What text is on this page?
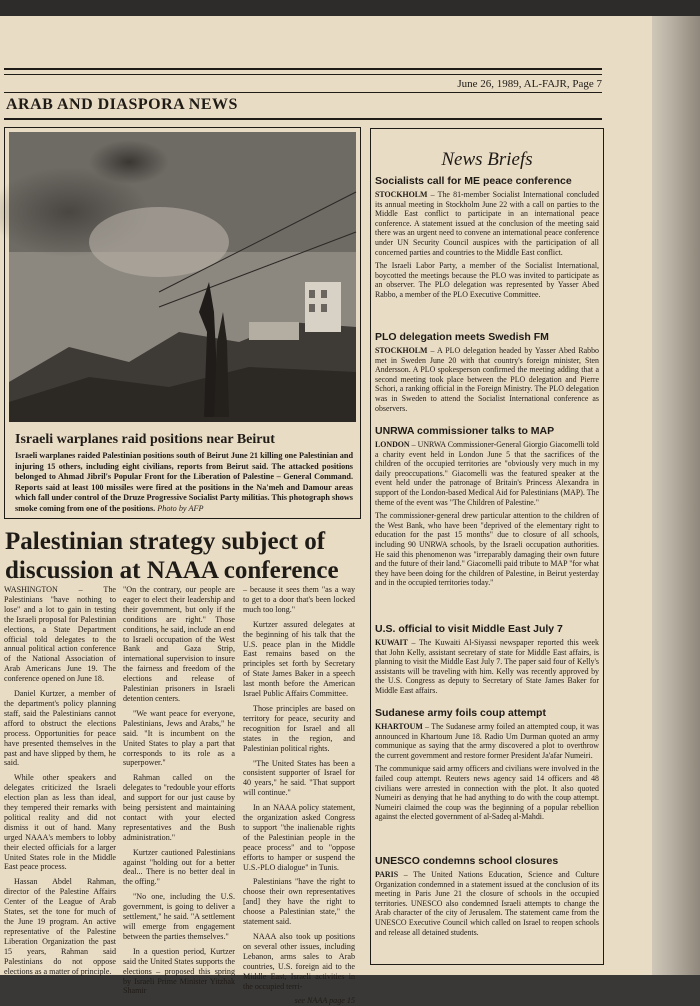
June 26, 1989, AL-FAJR, Page 7
ARAB AND DIASPORA NEWS
Israeli warplanes raid positions near Beirut
Israeli warplanes raided Palestinian positions south of Beirut June 21 killing one Palestinian and injuring 15 others, including eight civilians, reports from Beirut said. The attacked positions belonged to Ahmad Jibril's Popular Front for the Liberation of Palestine – General Command. Reports said at least 100 missiles were fired at the positions in the Na'meh and Damour areas which fall under control of the Druze Progressive Socialist Party militias. This photograph shows smoke coming from one of the positions. Photo by AFP
Palestinian strategy subject of discussion at NAAA conference

WASHINGTON – The Palestinians "have nothing to lose" and a lot to gain in testing the Israeli proposal for Palestinian elections, a State Department official told delegates to the annual political action conference of the National Association of Arab Americans June 19. The conference opened on June 18.

Daniel Kurtzer, a member of the department's policy planning staff, said the Palestinians cannot afford to obstruct the elections process. Opportunities for peace have presented themselves in the past and have slipped by them, he said.

While other speakers and delegates criticized the Israeli election plan as less than ideal, they tempered their remarks with political reality and did not dismiss it out of hand. Many urged NAAA's members to lobby their elected officials for a larger United States role in the Middle East peace process.

Hassan Abdel Rahman, director of the Palestine Affairs Center of the League of Arab States, set the tone for much of the June 19 program. An active representative of the Palestine Liberation Organization the past 15 years, Rahman said Palestinians do not oppose elections as a matter of principle.

"On the contrary, our people are eager to elect their leadership and their government, but only if the conditions are right." Those conditions, he said, include an end to Israeli occupation of the West Bank and Gaza Strip, international supervision to insure the fairness and freedom of the elections and release of Palestinian prisoners in Israeli detention centers.

"We want peace for everyone, Palestinians, Jews and Arabs," he said. "It is incumbent on the United States to play a part that corresponds to its role as a superpower."

Rahman called on the delegates to "redouble your efforts and support for our just cause by being persistent and maintaining contact with your elected representatives and the Bush administration."

Kurtzer cautioned Palestinians against "holding out for a better deal... There is no better deal in the offing."

"No one, including the U.S. government, is going to deliver a settlement," he said. "A settlement will emerge from engagement between the parties themselves."

In a question period, Kurtzer said the United States supports the elections – proposed this spring by Israeli Prime Minister Yitzhak Shamir

– because it sees them "as a way to get to a door that's been locked much too long."

Kurtzer assured delegates at the beginning of his talk that the U.S. peace plan in the Middle East remains based on the principles set forth by Secretary of State James Baker in a speech last month before the American Israel Public Affairs Committee.

Those principles are based on territory for peace, security and recognition for Israel and all states in the region, and Palestinian political rights.

"The United States has been a consistent supporter of Israel for 40 years," he said. "That support will continue."

In an NAAA policy statement, the organization asked Congress to support "the inalienable rights of the Palestinian people in the peace process" and to "oppose efforts to hamper or suspend the U.S.-PLO dialogue" in Tunis.

Palestinians "have the right to choose their own representatives [and] they have the right to choose a Palestinian state," the statement said.

NAAA also took up positions on several other issues, including Lebanon, arms sales to Arab countries, U.S. foreign aid to the Middle East, Israeli activities in the occupied terri-

see NAAA page 15

News Briefs
Socialists call for ME peace conference
STOCKHOLM – The 81-member Socialist International concluded its annual meeting in Stockholm June 22 with a call on parties to the Middle East conflict to participate in an international peace conference. A statement issued at the conclusion of the meeting said there was an urgent need to convene an international peace conference under UN Security Council auspices with the participation of all concerned parties and countries to the Middle East conflict.
The Israeli Labor Party, a member of the Socialist International, boycotted the meetings because the PLO was invited to participate as an observer. The PLO delegation was represented by Yasser Abed Rabbo, a member of the PLO Executive Committee.
PLO delegation meets Swedish FM
STOCKHOLM – A PLO delegation headed by Yasser Abed Rabbo met in Sweden June 20 with that country's foreign minister, Sten Andersson. A PLO spokesperson confirmed the meeting adding that a second meeting took place between the PLO delegation and Pierre Schori, a ranking official in the Foreign Ministry. The PLO delegation was in Sweden to attend the Socialist International conference as observers.
UNRWA commissioner talks to MAP
LONDON – UNRWA Commissioner-General Giorgio Giacomelli told a charity event held in London June 5 that the sacrifices of the children of the occupied territories are "obviously very much in my daily preoccupations." Giacomelli was the featured speaker at the event held under the patronage of Britain's Princess Alexandra in support of the London-based Medical Aid for Palestinians (MAP). The theme of the event was "The Children of Palestine."
The commissioner-general drew particular attention to the children of the West Bank, who have been "deprived of the elementary right to education for the past 15 months" due to closure of all schools, including 90 UNRWA schools, by the Israeli occupation authorities. He said this phenomenon was "irreparably damaging their own future and the future of their land." Giacomelli paid tribute to MAP "for what they have been doing for the children of Palestine, in Beirut yesterday and in the occupied territories today."
U.S. official to visit Middle East July 7
KUWAIT – The Kuwaiti Al-Siyassi newspaper reported this week that John Kelly, assistant secretary of state for Middle East affairs, is planning to visit the Middle East July 7. The paper said four of Kelly's assistants will be traveling with him. Kelly was recently approved by the U.S. Congress as deputy to Secretary of State James Baker for Middle East affairs.
Sudanese army foils coup attempt
KHARTOUM – The Sudanese army foiled an attempted coup, it was announced in Khartoum June 18. Radio Um Durman quoted an army communique as saying that the army discovered a plot to overthrow the current government and restore former President Ja'afar Numeiri.
The communique said army officers and civilians were involved in the failed coup attempt. Reuters news agency said 14 officers and 48 civilians were arrested in connection with the plot. It also quoted Numeiri as denying that he had anything to do with the coup attempt. Numeiri claimed the coup was the beginning of a popular rebellion against the elected government of al-Sadeq al-Mahdi.
UNESCO condemns school closures
PARIS – The United Nations Education, Science and Culture Organization condemned in a statement issued at the conclusion of its meeting in Paris June 21 the closure of schools in the occupied territories. UNESCO also condemned Israeli attempts to change the Arab character of the city of Jerusalem. The statement came from the UNESCO Executive Council which called on Israel to reopen schools and release all detained students.
